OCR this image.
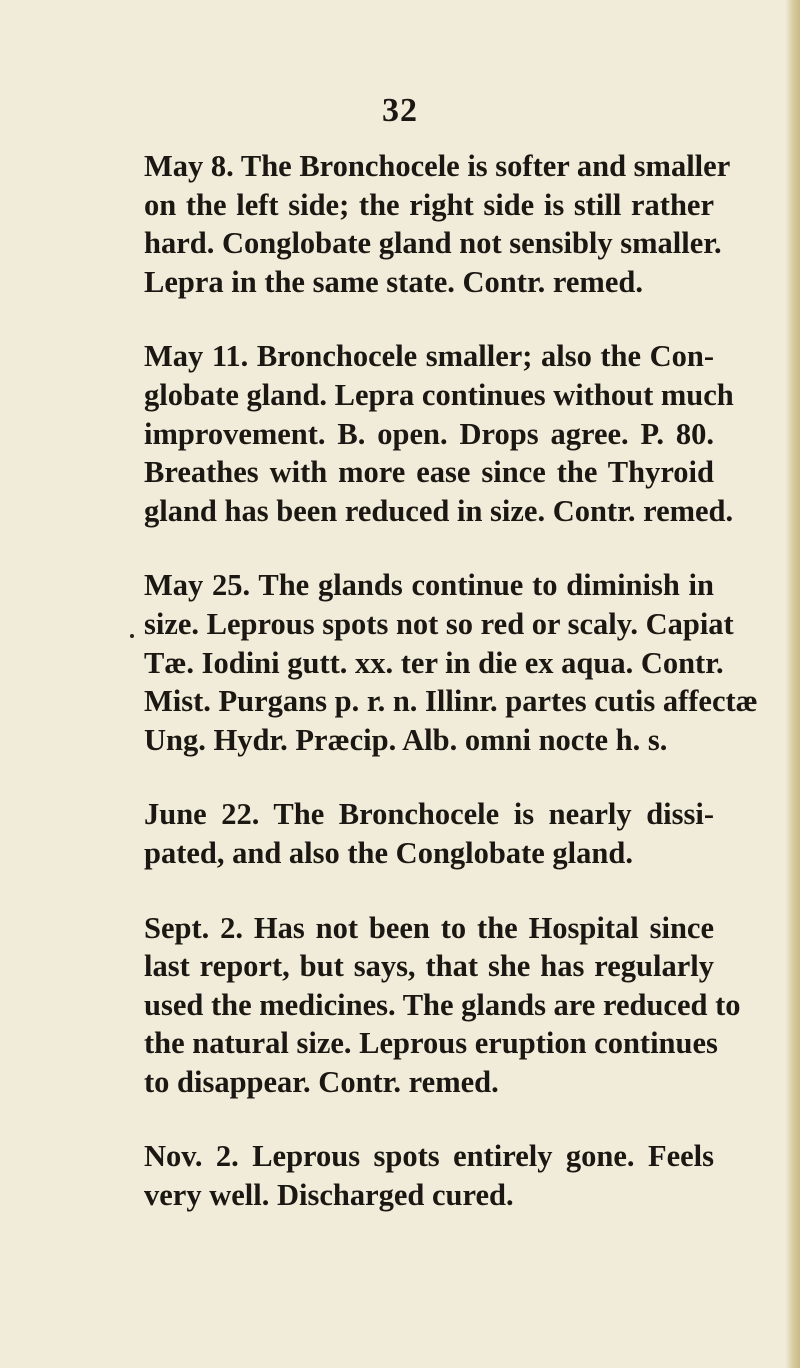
32
May 8. The Bronchocele is softer and smaller
on the left side; the right side is still rather
hard. Conglobate gland not sensibly smaller.
Lepra in the same state. Contr. remed.
May 11. Bronchocele smaller; also the Con-
globate gland. Lepra continues without much
improvement. B. open. Drops agree. P. 80.
Breathes with more ease since the Thyroid
gland has been reduced in size. Contr. remed.
May 25. The glands continue to diminish in
size. Leprous spots not so red or scaly. Capiat
Tæ. Iodini gutt. xx. ter in die ex aqua. Contr.
Mist. Purgans p. r. n. Illinr. partes cutis affectæ
Ung. Hydr. Præcip. Alb. omni nocte h. s.
June 22. The Bronchocele is nearly dissi-
pated, and also the Conglobate gland.
Sept. 2. Has not been to the Hospital since
last report, but says, that she has regularly
used the medicines. The glands are reduced to
the natural size. Leprous eruption continues
to disappear. Contr. remed.
Nov. 2. Leprous spots entirely gone. Feels
very well. Discharged cured.
